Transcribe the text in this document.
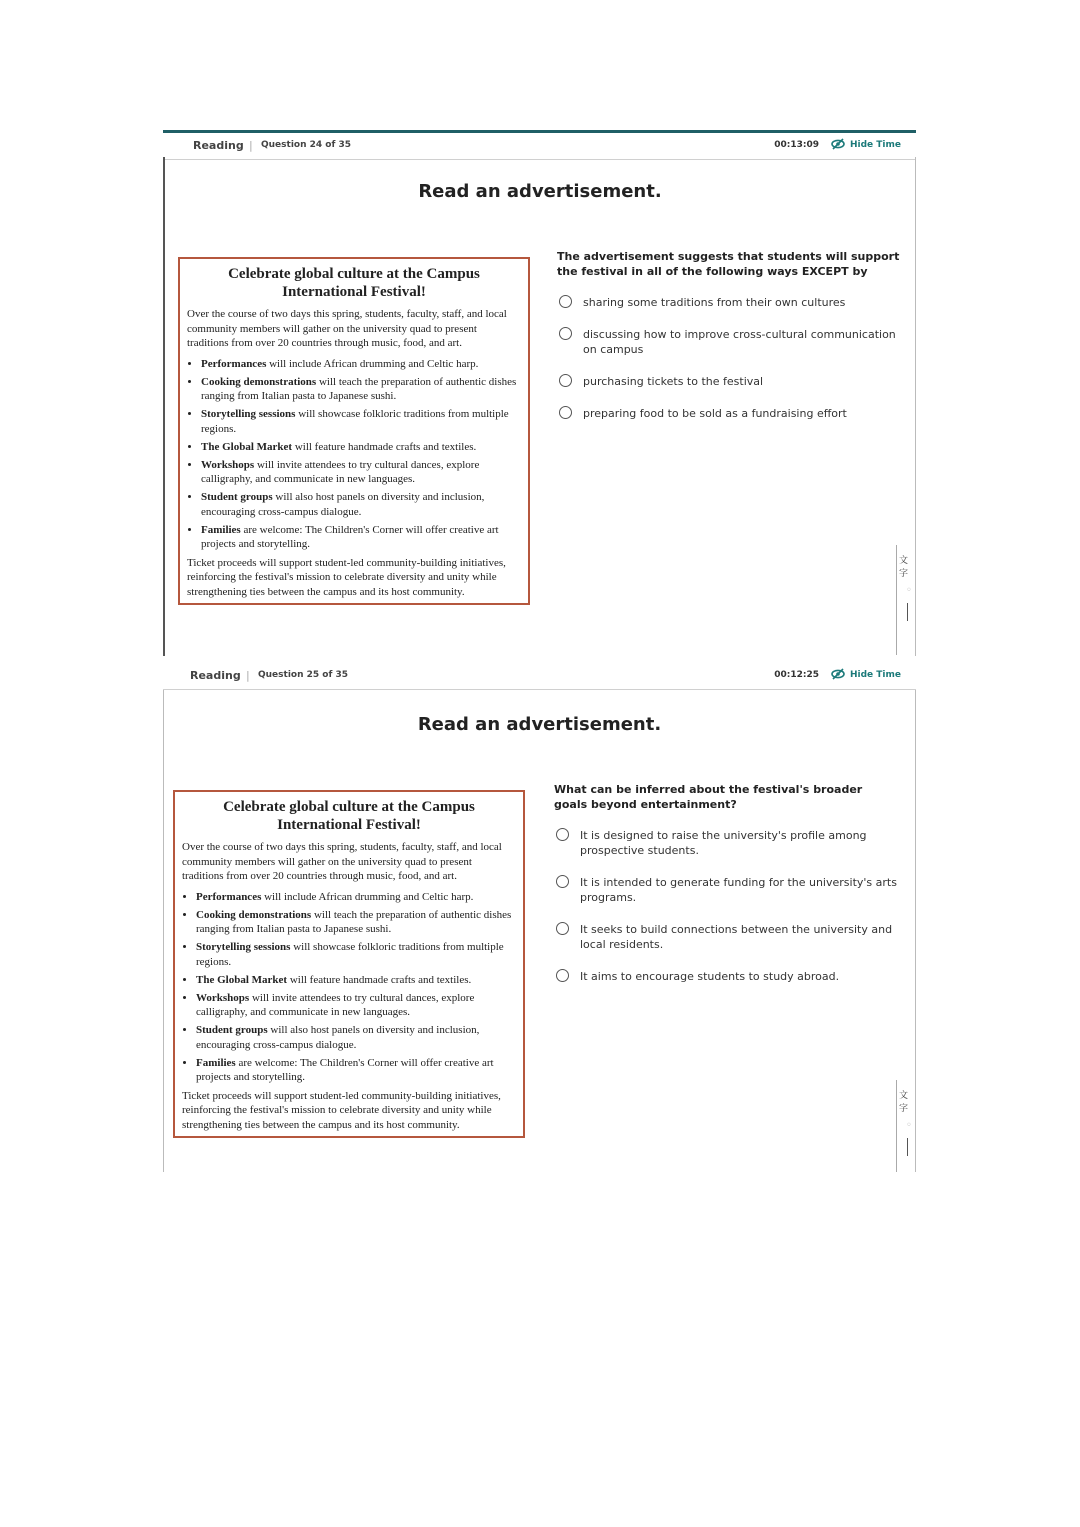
Reading | Question 24 of 35	00:13:09	Hide Time
Read an advertisement.
Celebrate global culture at the Campus International Festival!

Over the course of two days this spring, students, faculty, staff, and local community members will gather on the university quad to present traditions from over 20 countries through music, food, and art.

• Performances will include African drumming and Celtic harp.
• Cooking demonstrations will teach the preparation of authentic dishes ranging from Italian pasta to Japanese sushi.
• Storytelling sessions will showcase folkloric traditions from multiple regions.
• The Global Market will feature handmade crafts and textiles.
• Workshops will invite attendees to try cultural dances, explore calligraphy, and communicate in new languages.
• Student groups will also host panels on diversity and inclusion, encouraging cross-campus dialogue.
• Families are welcome: The Children's Corner will offer creative art projects and storytelling.

Ticket proceeds will support student-led community-building initiatives, reinforcing the festival's mission to celebrate diversity and unity while strengthening ties between the campus and its host community.

The advertisement suggests that students will support the festival in all of the following ways EXCEPT by
sharing some traditions from their own cultures
discussing how to improve cross-cultural communication on campus
purchasing tickets to the festival
preparing food to be sold as a fundraising effort
文字
◦
Reading | Question 25 of 35	00:12:25	Hide Time
Read an advertisement.
Celebrate global culture at the Campus International Festival!

Over the course of two days this spring, students, faculty, staff, and local community members will gather on the university quad to present traditions from over 20 countries through music, food, and art.

• Performances will include African drumming and Celtic harp.
• Cooking demonstrations will teach the preparation of authentic dishes ranging from Italian pasta to Japanese sushi.
• Storytelling sessions will showcase folkloric traditions from multiple regions.
• The Global Market will feature handmade crafts and textiles.
• Workshops will invite attendees to try cultural dances, explore calligraphy, and communicate in new languages.
• Student groups will also host panels on diversity and inclusion, encouraging cross-campus dialogue.
• Families are welcome: The Children's Corner will offer creative art projects and storytelling.

Ticket proceeds will support student-led community-building initiatives, reinforcing the festival's mission to celebrate diversity and unity while strengthening ties between the campus and its host community.

What can be inferred about the festival's broader goals beyond entertainment?
It is designed to raise the university's profile among prospective students.
It is intended to generate funding for the university's arts programs.
It seeks to build connections between the university and local residents.
It aims to encourage students to study abroad.
文字
◦
